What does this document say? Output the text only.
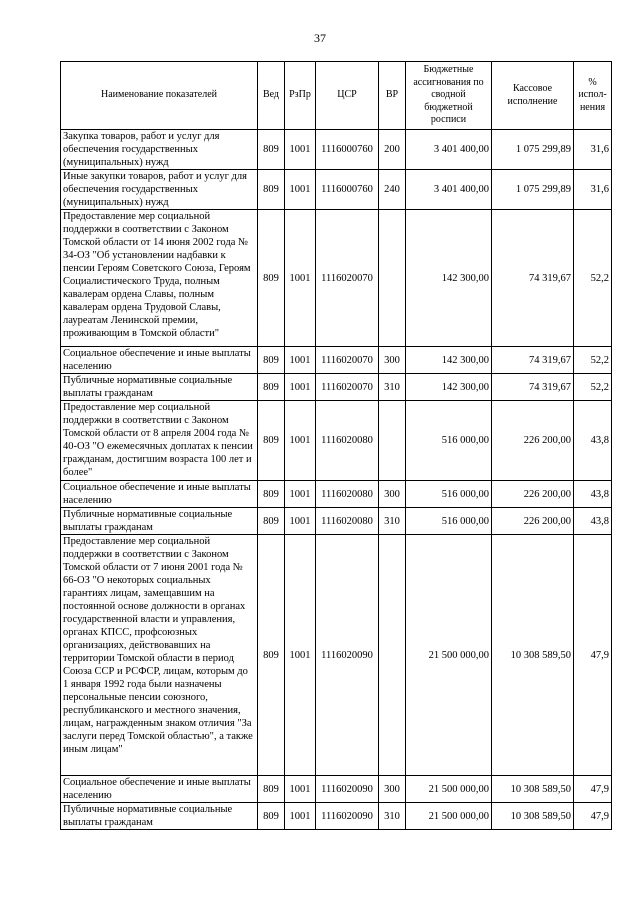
37
Наименование показателей	Вед	РзПр	ЦСР	ВР	Бюджетные ассигнования по сводной бюджетной росписи	Кассовое исполнение	% испол-нения
Закупка товаров, работ и услуг для обеспечения государственных (муниципальных) нужд	809	1001	1116000760	200	3 401 400,00	1 075 299,89	31,6
Иные закупки товаров, работ и услуг для обеспечения государственных (муниципальных) нужд	809	1001	1116000760	240	3 401 400,00	1 075 299,89	31,6
Предоставление мер социальной поддержки в соответствии с Законом Томской области от 14 июня 2002 года № 34-ОЗ "Об установлении надбавки к пенсии Героям Советского Союза, Героям Социалистического Труда, полным кавалерам ордена Славы, полным кавалерам ордена Трудовой Славы, лауреатам Ленинской премии, проживающим в Томской области"	809	1001	1116020070		142 300,00	74 319,67	52,2
Социальное обеспечение и иные выплаты населению	809	1001	1116020070	300	142 300,00	74 319,67	52,2
Публичные нормативные социальные выплаты гражданам	809	1001	1116020070	310	142 300,00	74 319,67	52,2
Предоставление мер социальной поддержки в соответствии с Законом Томской области от 8 апреля 2004 года № 40-ОЗ "О ежемесячных доплатах к пенсии гражданам, достигшим возраста 100 лет и более"	809	1001	1116020080		516 000,00	226 200,00	43,8
Социальное обеспечение и иные выплаты населению	809	1001	1116020080	300	516 000,00	226 200,00	43,8
Публичные нормативные социальные выплаты гражданам	809	1001	1116020080	310	516 000,00	226 200,00	43,8
Предоставление мер социальной поддержки в соответствии с Законом Томской области от 7 июня 2001 года № 66-ОЗ "О некоторых социальных гарантиях лицам, замещавшим на постоянной основе должности в органах государственной власти и управления, органах КПСС, профсоюзных организациях, действовавших на территории Томской области в период Союза ССР и РСФСР, лицам, которым до 1 января 1992 года были назначены персональные пенсии союзного, республиканского и местного значения, лицам, награжденным знаком отличия "За заслуги перед Томской областью", а также иным лицам"	809	1001	1116020090		21 500 000,00	10 308 589,50	47,9
Социальное обеспечение и иные выплаты населению	809	1001	1116020090	300	21 500 000,00	10 308 589,50	47,9
Публичные нормативные социальные выплаты гражданам	809	1001	1116020090	310	21 500 000,00	10 308 589,50	47,9
